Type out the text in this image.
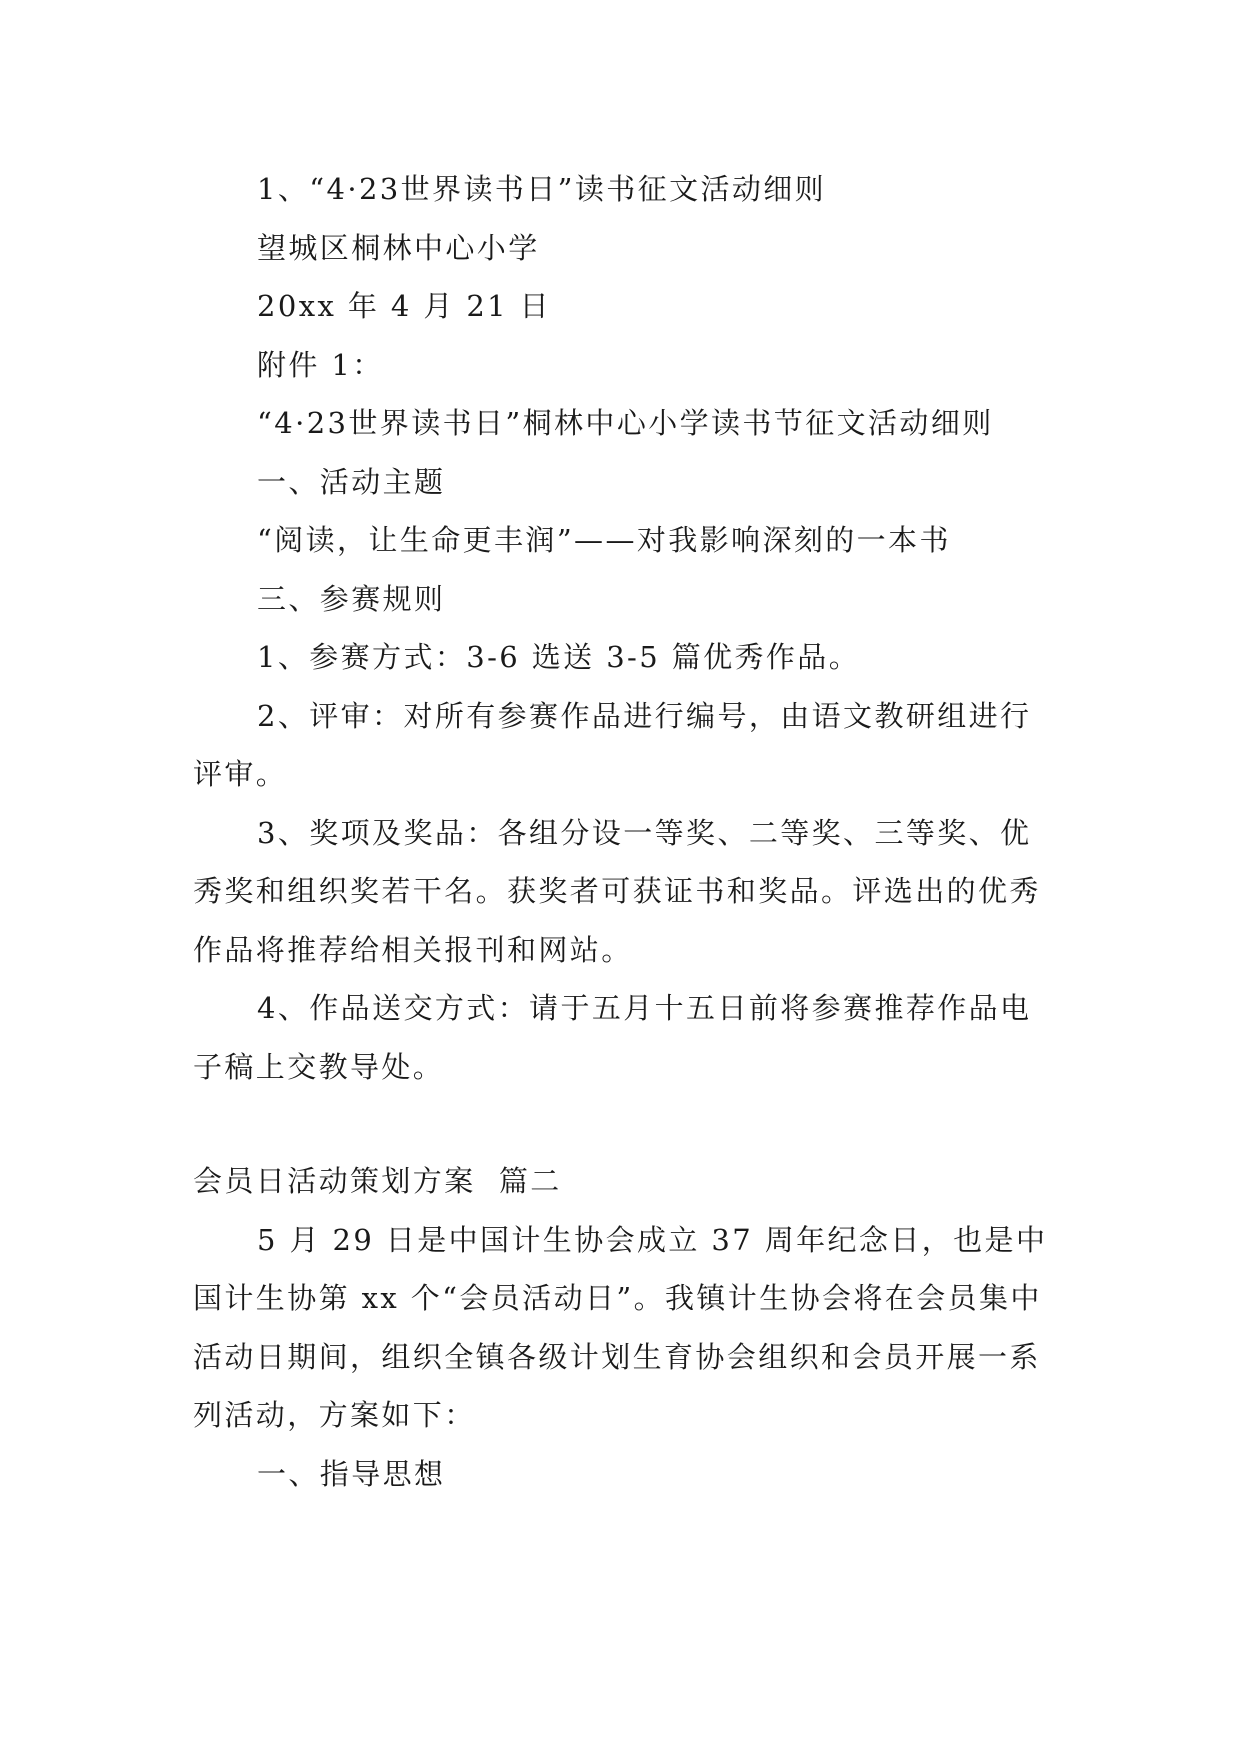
1、“4·23世界读书日”读书征文活动细则

望城区桐林中心小学

20xx 年 4 月 21 日

附件 1：

“4·23世界读书日”桐林中心小学读书节征文活动细则

一、活动主题

“阅读，让生命更丰润”——对我影响深刻的一本书

三、参赛规则

1、参赛方式：3-6 选送 3-5 篇优秀作品。

2、评审：对所有参赛作品进行编号，由语文教研组进行评审。

3、奖项及奖品：各组分设一等奖、二等奖、三等奖、优秀奖和组织奖若干名。获奖者可获证书和奖品。评选出的优秀作品将推荐给相关报刊和网站。

4、作品送交方式：请于五月十五日前将参赛推荐作品电子稿上交教导处。

会员日活动策划方案  篇二

5 月 29 日是中国计生协会成立 37 周年纪念日，也是中国计生协第 xx 个“会员活动日”。我镇计生协会将在会员集中活动日期间，组织全镇各级计划生育协会组织和会员开展一系列活动，方案如下：

一、指导思想
